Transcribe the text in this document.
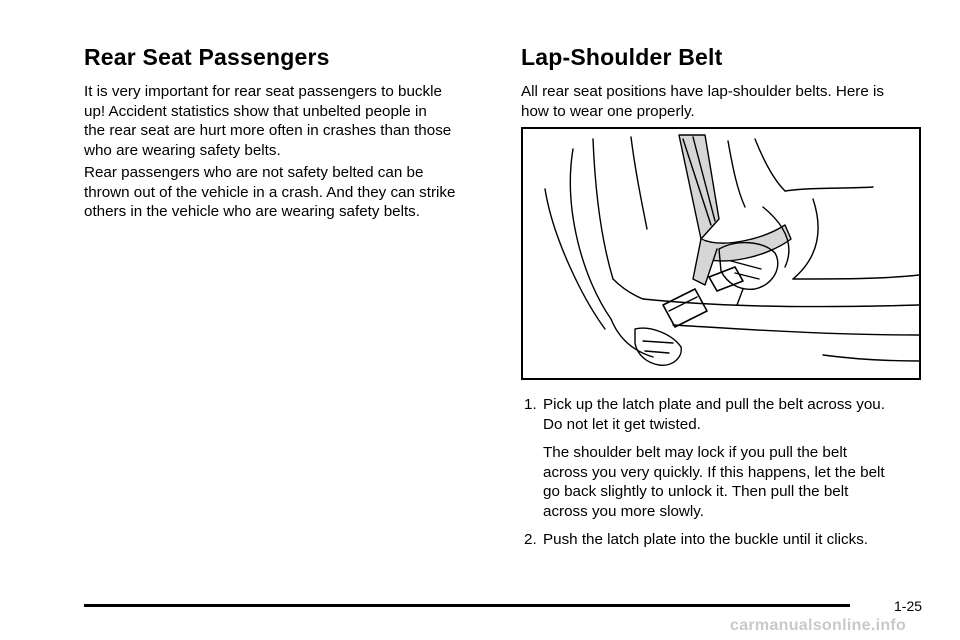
Rear Seat Passengers

It is very important for rear seat passengers to buckle
up! Accident statistics show that unbelted people in
the rear seat are hurt more often in crashes than those
who are wearing safety belts.

Rear passengers who are not safety belted can be
thrown out of the vehicle in a crash. And they can strike
others in the vehicle who are wearing safety belts.

Lap-Shoulder Belt

All rear seat positions have lap-shoulder belts. Here is
how to wear one properly.

1. Pick up the latch plate and pull the belt across you.
Do not let it get twisted.
The shoulder belt may lock if you pull the belt
across you very quickly. If this happens, let the belt
go back slightly to unlock it. Then pull the belt
across you more slowly.
2. Push the latch plate into the buckle until it clicks.
1-25
carmanualsonline.info
